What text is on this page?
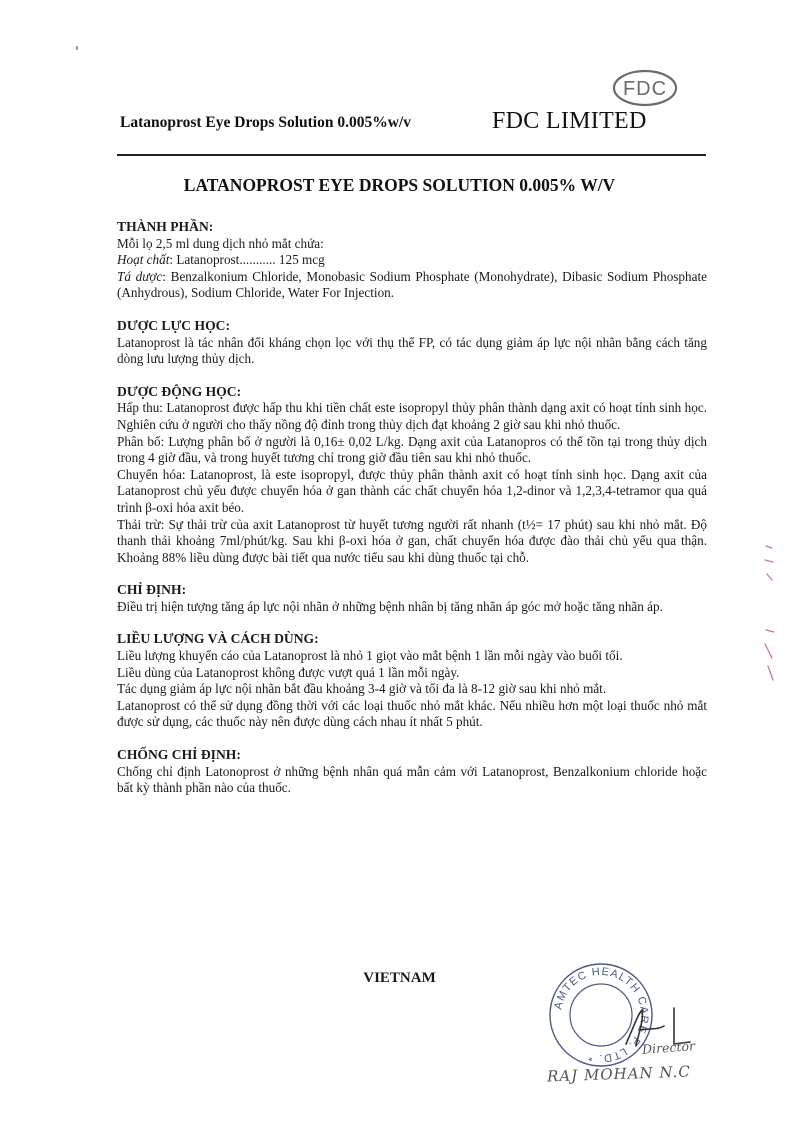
Latanoprost Eye Drops Solution 0.005%w/v
FDC
FDC LIMITED
LATANOPROST EYE DROPS SOLUTION 0.005% W/V
THÀNH PHẦN:

Mỗi lọ 2,5 ml dung dịch nhỏ mắt chứa:

Hoạt chất: Latanoprost........... 125 mcg

Tá dược: Benzalkonium Chloride, Monobasic Sodium Phosphate (Monohydrate), Dibasic Sodium Phosphate (Anhydrous), Sodium Chloride, Water For Injection.

DƯỢC LỰC HỌC:

Latanoprost là tác nhân đối kháng chọn lọc với thụ thể FP, có tác dụng giảm áp lực nội nhãn bằng cách tăng dòng lưu lượng thủy dịch.

DƯỢC ĐỘNG HỌC:

Hấp thu: Latanoprost được hấp thu khi tiền chất este isopropyl thủy phân thành dạng axit có hoạt tính sinh học. Nghiên cứu ở người cho thấy nồng độ đỉnh trong thủy dịch đạt khoảng 2 giờ sau khi nhỏ thuốc.

Phân bố: Lượng phân bố ở người là 0,16± 0,02 L/kg. Dạng axit của Latanopros có thể tồn tại trong thủy dịch trong 4 giờ đầu, và trong huyết tương chỉ trong giờ đầu tiên sau khi nhỏ thuốc.

Chuyển hóa: Latanoprost, là este isopropyl, được thủy phân thành axit có hoạt tính sinh học. Dạng axit của Latanoprost chủ yếu được chuyển hóa ở gan thành các chất chuyển hóa 1,2-dinor và 1,2,3,4-tetramor qua quá trình β-oxi hóa axit béo.

Thải trừ: Sự thải trừ của axit Latanoprost từ huyết tương người rất nhanh (t½= 17 phút) sau khi nhỏ mắt. Độ thanh thải khoảng 7ml/phút/kg. Sau khi β-oxi hóa ở gan, chất chuyển hóa được đào thải chủ yếu qua thận. Khoảng 88% liều dùng được bài tiết qua nước tiểu sau khi dùng thuốc tại chỗ.

CHỈ ĐỊNH:

Điều trị hiện tượng tăng áp lực nội nhãn ở những bệnh nhân bị tăng nhãn áp góc mở hoặc tăng nhãn áp.

LIỀU LƯỢNG VÀ CÁCH DÙNG:

Liều lượng khuyến cáo của Latanoprost là nhỏ 1 giọt vào mắt bệnh 1 lần mỗi ngày vào buổi tối.

Liều dùng của Latanoprost không được vượt quá 1 lần mỗi ngày.

Tác dụng giảm áp lực nội nhãn bắt đầu khoảng 3-4 giờ và tối đa là 8-12 giờ sau khi nhỏ mắt.

Latanoprost có thể sử dụng đồng thời với các loại thuốc nhỏ mắt khác. Nếu nhiều hơn một loại thuốc nhỏ mắt được sử dụng, các thuốc này nên được dùng cách nhau ít nhất 5 phút.

CHỐNG CHỈ ĐỊNH:

Chống chỉ định Latonoprost ở những bệnh nhân quá mẫn cảm với Latanoprost, Benzalkonium chloride hoặc bất kỳ thành phần nào của thuốc.

VIETNAM
AMTEC HEALTH CARE P. LTD. *	Director
RAJ MOHAN N.C
